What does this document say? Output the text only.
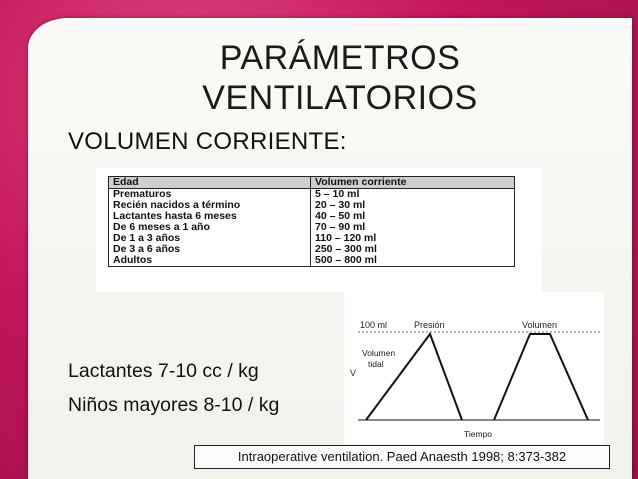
PARÁMETROS
VENTILATORIOS
VOLUMEN CORRIENTE:
Edad	Volumen corriente
Prematuros	5 – 10 ml
Recién nacidos a término	20 – 30 ml
Lactantes hasta 6 meses	40 – 50 ml
De 6 meses a 1 año	70 – 90 ml
De 1 a 3 años	110 – 120 ml
De 3 a 6 años	250 – 300 ml
Adultos	500 – 800 ml
Lactantes 7-10 cc / kg
Niños mayores 8-10 / kg
V
100 ml	Presión	Volumen
Volumen
tidal
Tiempo
Intraoperative ventilation. Paed Anaesth 1998; 8:373-382
